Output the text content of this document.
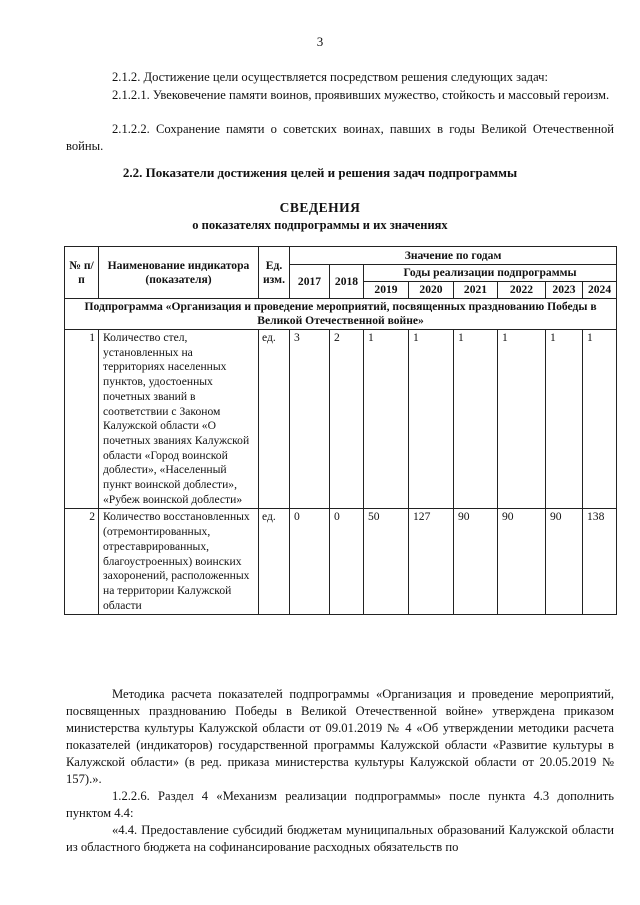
3
2.1.2. Достижение цели осуществляется посредством решения следующих задач:
2.1.2.1. Увековечение памяти воинов, проявивших мужество, стойкость и массовый героизм.
2.1.2.2. Сохранение памяти о советских воинах, павших в годы Великой Отечественной войны.
2.2. Показатели достижения целей и решения задач подпрограммы
СВЕДЕНИЯ
о показателях подпрограммы и их значениях
№ п/п	Наименование индикатора (показателя)	Ед. изм.	Значение по годам							
			2017	2018	Годы реализации подпрограммы					
					2019	2020	2021	2022	2023	2024
Подпрограмма «Организация и проведение мероприятий, посвященных празднованию Победы в Великой Отечественной войне»										
1	Количество стел, установленных на территориях населенных пунктов, удостоенных почетных званий в соответствии с Законом Калужской области «О почетных званиях Калужской области «Город воинской доблести», «Населенный пункт воинской доблести», «Рубеж воинской доблести»	ед.	3	2	1	1	1	1	1	1
2	Количество восстановленных (отремонтированных, отреставрированных, благоустроенных) воинских захоронений, расположенных на территории Калужской области	ед.	0	0	50	127	90	90	90	138
Методика расчета показателей подпрограммы «Организация и проведение мероприятий, посвященных празднованию Победы в Великой Отечественной войне» утверждена приказом министерства культуры Калужской области от 09.01.2019 № 4 «Об утверждении методики расчета показателей (индикаторов) государственной программы Калужской области «Развитие культуры в Калужской области» (в ред. приказа министерства культуры Калужской области от 20.05.2019 № 157).».
1.2.2.6. Раздел 4 «Механизм реализации подпрограммы» после пункта 4.3 дополнить пунктом 4.4:
«4.4. Предоставление субсидий бюджетам муниципальных образований Калужской области из областного бюджета на софинансирование расходных обязательств по
